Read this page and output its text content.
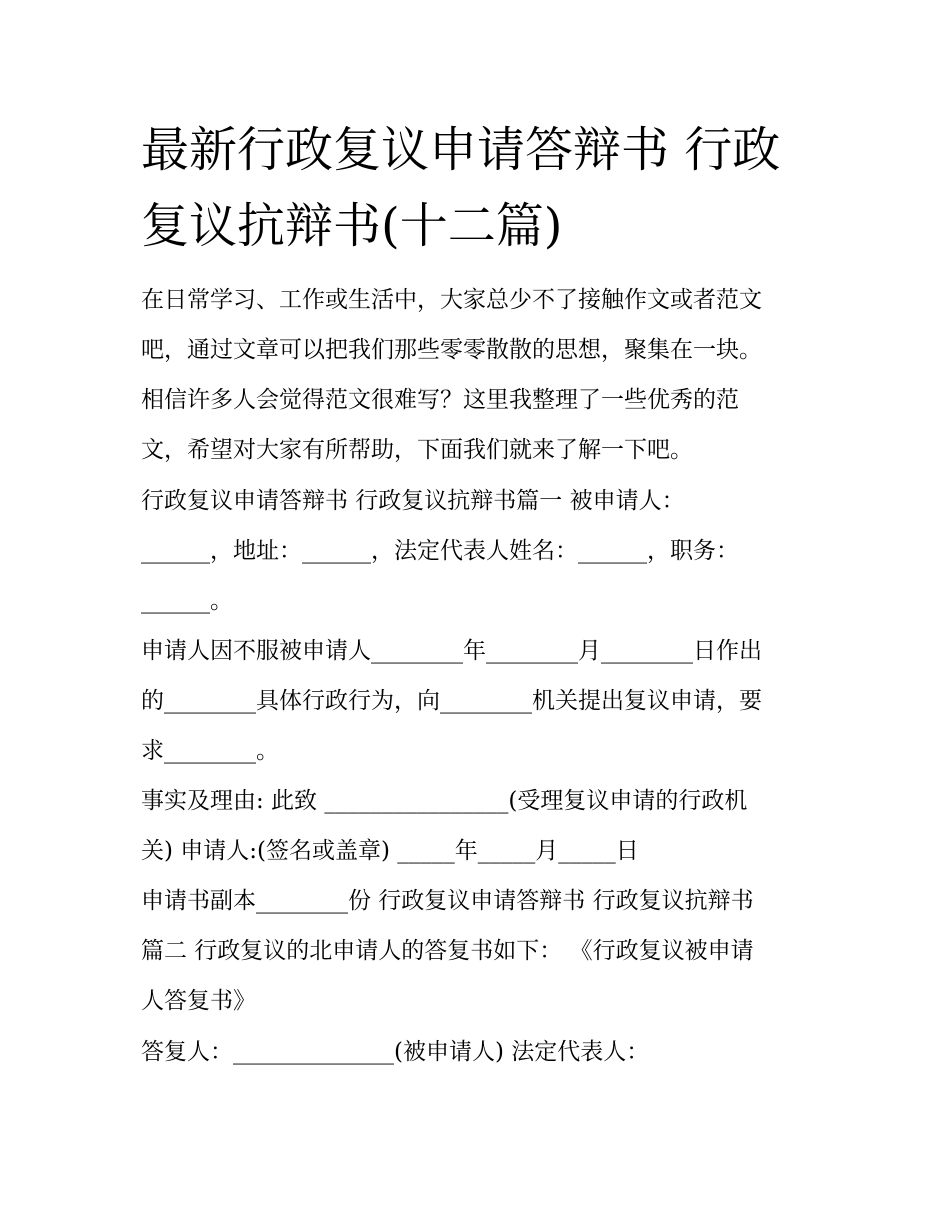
最新行政复议申请答辩书 行政
复议抗辩书(十二篇)
在日常学习、工作或生活中，大家总少不了接触作文或者范文
吧，通过文章可以把我们那些零零散散的思想，聚集在一块。
相信许多人会觉得范文很难写？这里我整理了一些优秀的范
文，希望对大家有所帮助，下面我们就来了解一下吧。
行政复议申请答辩书 行政复议抗辩书篇一 被申请人：
______，地址：______，法定代表人姓名：______，职务：
______。
申请人因不服被申请人________年________月________日作出
的________具体行政行为，向________机关提出复议申请，要
求________。
事实及理由: 此致 ________________(受理复议申请的行政机
关) 申请人:(签名或盖章) _____年_____月_____日
申请书副本________份 行政复议申请答辩书 行政复议抗辩书
篇二 行政复议的北申请人的答复书如下： 《行政复议被申请
人答复书》
答复人：______________(被申请人) 法定代表人：
